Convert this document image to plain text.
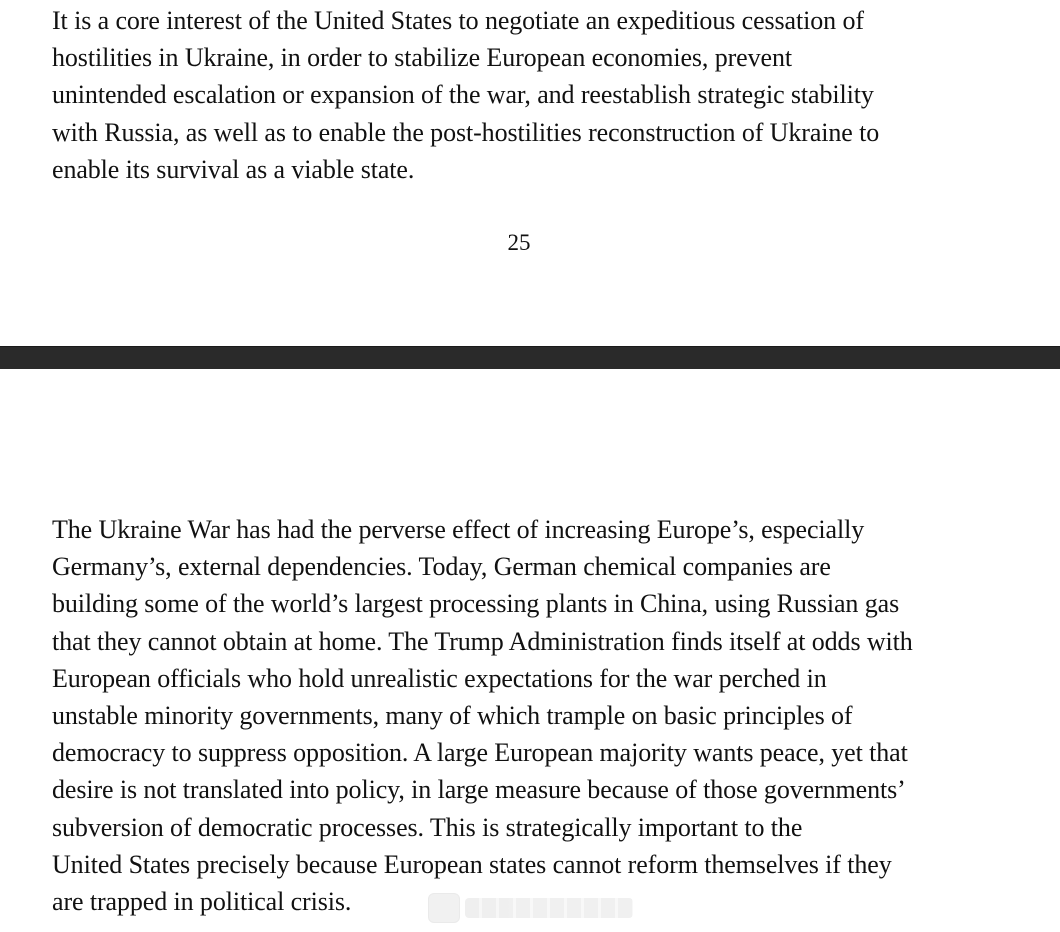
It is a core interest of the United States to negotiate an expeditious cessation of
hostilities in Ukraine, in order to stabilize European economies, prevent
unintended escalation or expansion of the war, and reestablish strategic stability
with Russia, as well as to enable the post-hostilities reconstruction of Ukraine to
enable its survival as a viable state.

25

The Ukraine War has had the perverse effect of increasing Europe’s, especially
Germany’s, external dependencies. Today, German chemical companies are
building some of the world’s largest processing plants in China, using Russian gas
that they cannot obtain at home. The Trump Administration finds itself at odds with
European officials who hold unrealistic expectations for the war perched in
unstable minority governments, many of which trample on basic principles of
democracy to suppress opposition. A large European majority wants peace, yet that
desire is not translated into policy, in large measure because of those governments’
subversion of democratic processes. This is strategically important to the
United States precisely because European states cannot reform themselves if they
are trapped in political crisis.
